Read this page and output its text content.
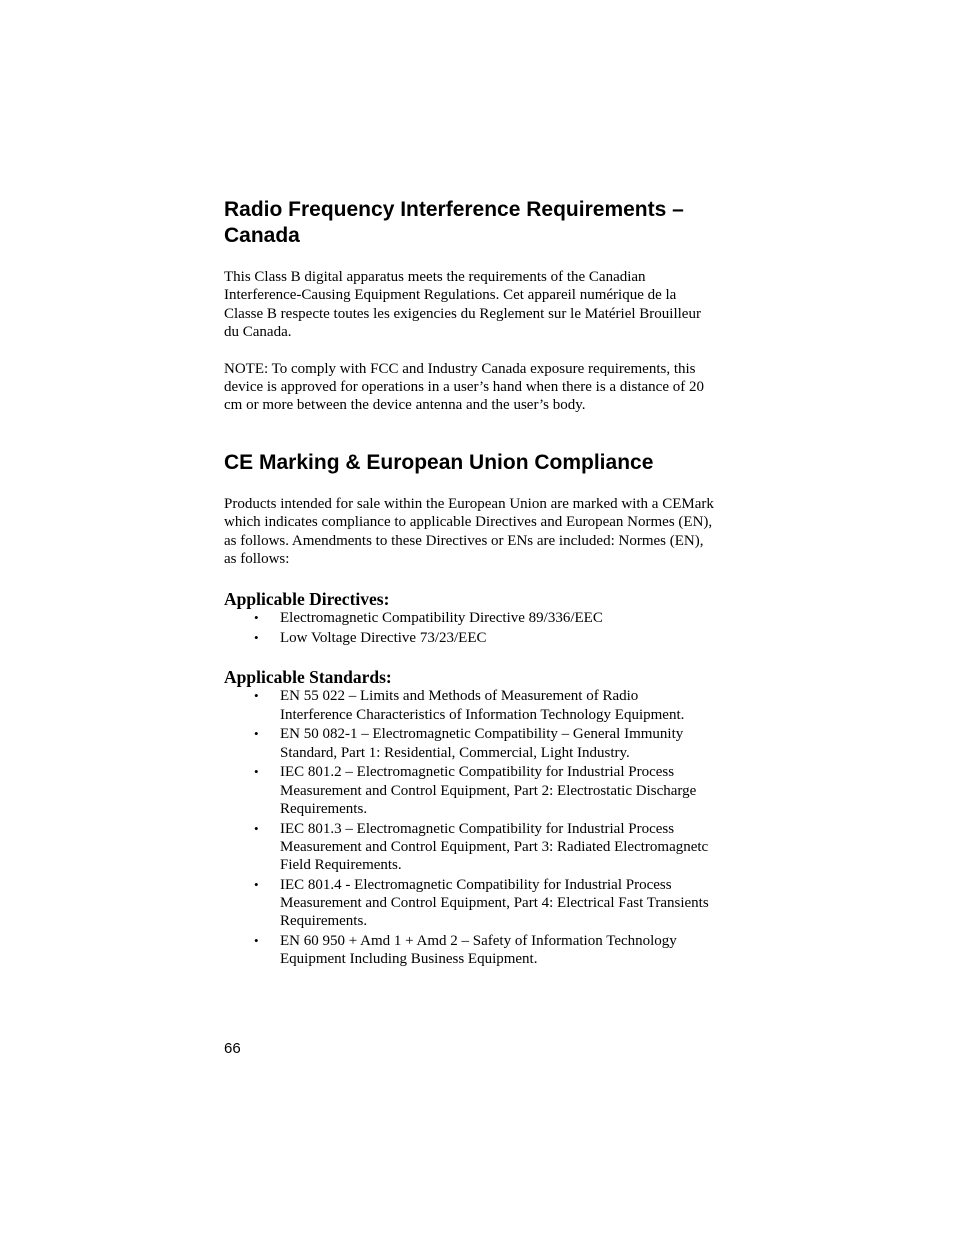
Radio Frequency Interference Requirements – Canada

This Class B digital apparatus meets the requirements of the Canadian Interference-Causing Equipment Regulations. Cet appareil numérique de la Classe B respecte toutes les exigencies du Reglement sur le Matériel Brouilleur du Canada.

NOTE: To comply with FCC and Industry Canada exposure requirements, this device is approved for operations in a user’s hand when there is a distance of 20 cm or more between the device antenna and the user’s body.

CE Marking & European Union Compliance

Products intended for sale within the European Union are marked with a CEMark which indicates compliance to applicable Directives and European Normes (EN), as follows. Amendments to these Directives or ENs are included: Normes (EN), as follows:

Applicable Directives:
• Electromagnetic Compatibility Directive 89/336/EEC
• Low Voltage Directive 73/23/EEC
Applicable Standards:
• EN 55 022 – Limits and Methods of Measurement of Radio Interference Characteristics of Information Technology Equipment.
• EN 50 082-1 – Electromagnetic Compatibility – General Immunity Standard, Part 1: Residential, Commercial, Light Industry.
• IEC 801.2 – Electromagnetic Compatibility for Industrial Process Measurement and Control Equipment, Part 2: Electrostatic Discharge Requirements.
• IEC 801.3 – Electromagnetic Compatibility for Industrial Process Measurement and Control Equipment, Part 3: Radiated Electromagnetc Field Requirements.
• IEC 801.4 - Electromagnetic Compatibility for Industrial Process Measurement and Control Equipment, Part 4: Electrical Fast Transients Requirements.
• EN 60 950 + Amd 1 + Amd 2 – Safety of Information Technology Equipment Including Business Equipment.
66
